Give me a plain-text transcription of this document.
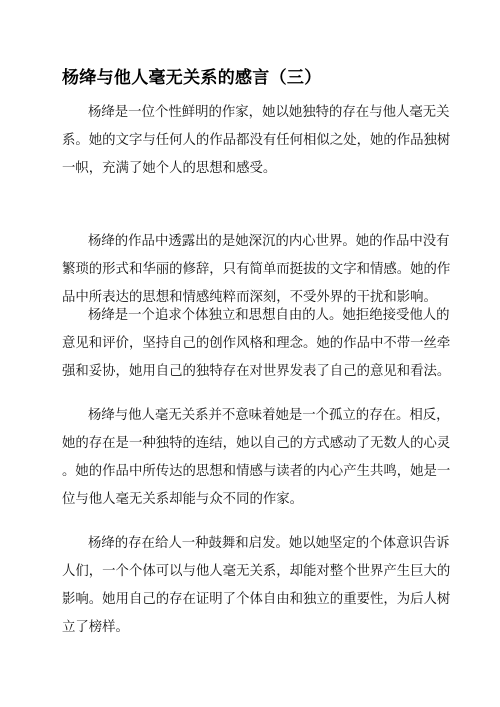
杨绛与他人毫无关系的感言（三）
杨绛是一位个性鲜明的作家，她以她独特的存在与他人毫无关
系。她的文字与任何人的作品都没有任何相似之处，她的作品独树
一帜，充满了她个人的思想和感受。
杨绛的作品中透露出的是她深沉的内心世界。她的作品中没有
繁琐的形式和华丽的修辞，只有简单而挺拔的文字和情感。她的作
品中所表达的思想和情感纯粹而深刻，不受外界的干扰和影响。
杨绛是一个追求个体独立和思想自由的人。她拒绝接受他人的
意见和评价，坚持自己的创作风格和理念。她的作品中不带一丝牵
强和妥协，她用自己的独特存在对世界发表了自己的意见和看法。
杨绛与他人毫无关系并不意味着她是一个孤立的存在。相反，
她的存在是一种独特的连结，她以自己的方式感动了无数人的心灵
。她的作品中所传达的思想和情感与读者的内心产生共鸣，她是一
位与他人毫无关系却能与众不同的作家。
杨绛的存在给人一种鼓舞和启发。她以她坚定的个体意识告诉
人们，一个个体可以与他人毫无关系，却能对整个世界产生巨大的
影响。她用自己的存在证明了个体自由和独立的重要性，为后人树
立了榜样。
